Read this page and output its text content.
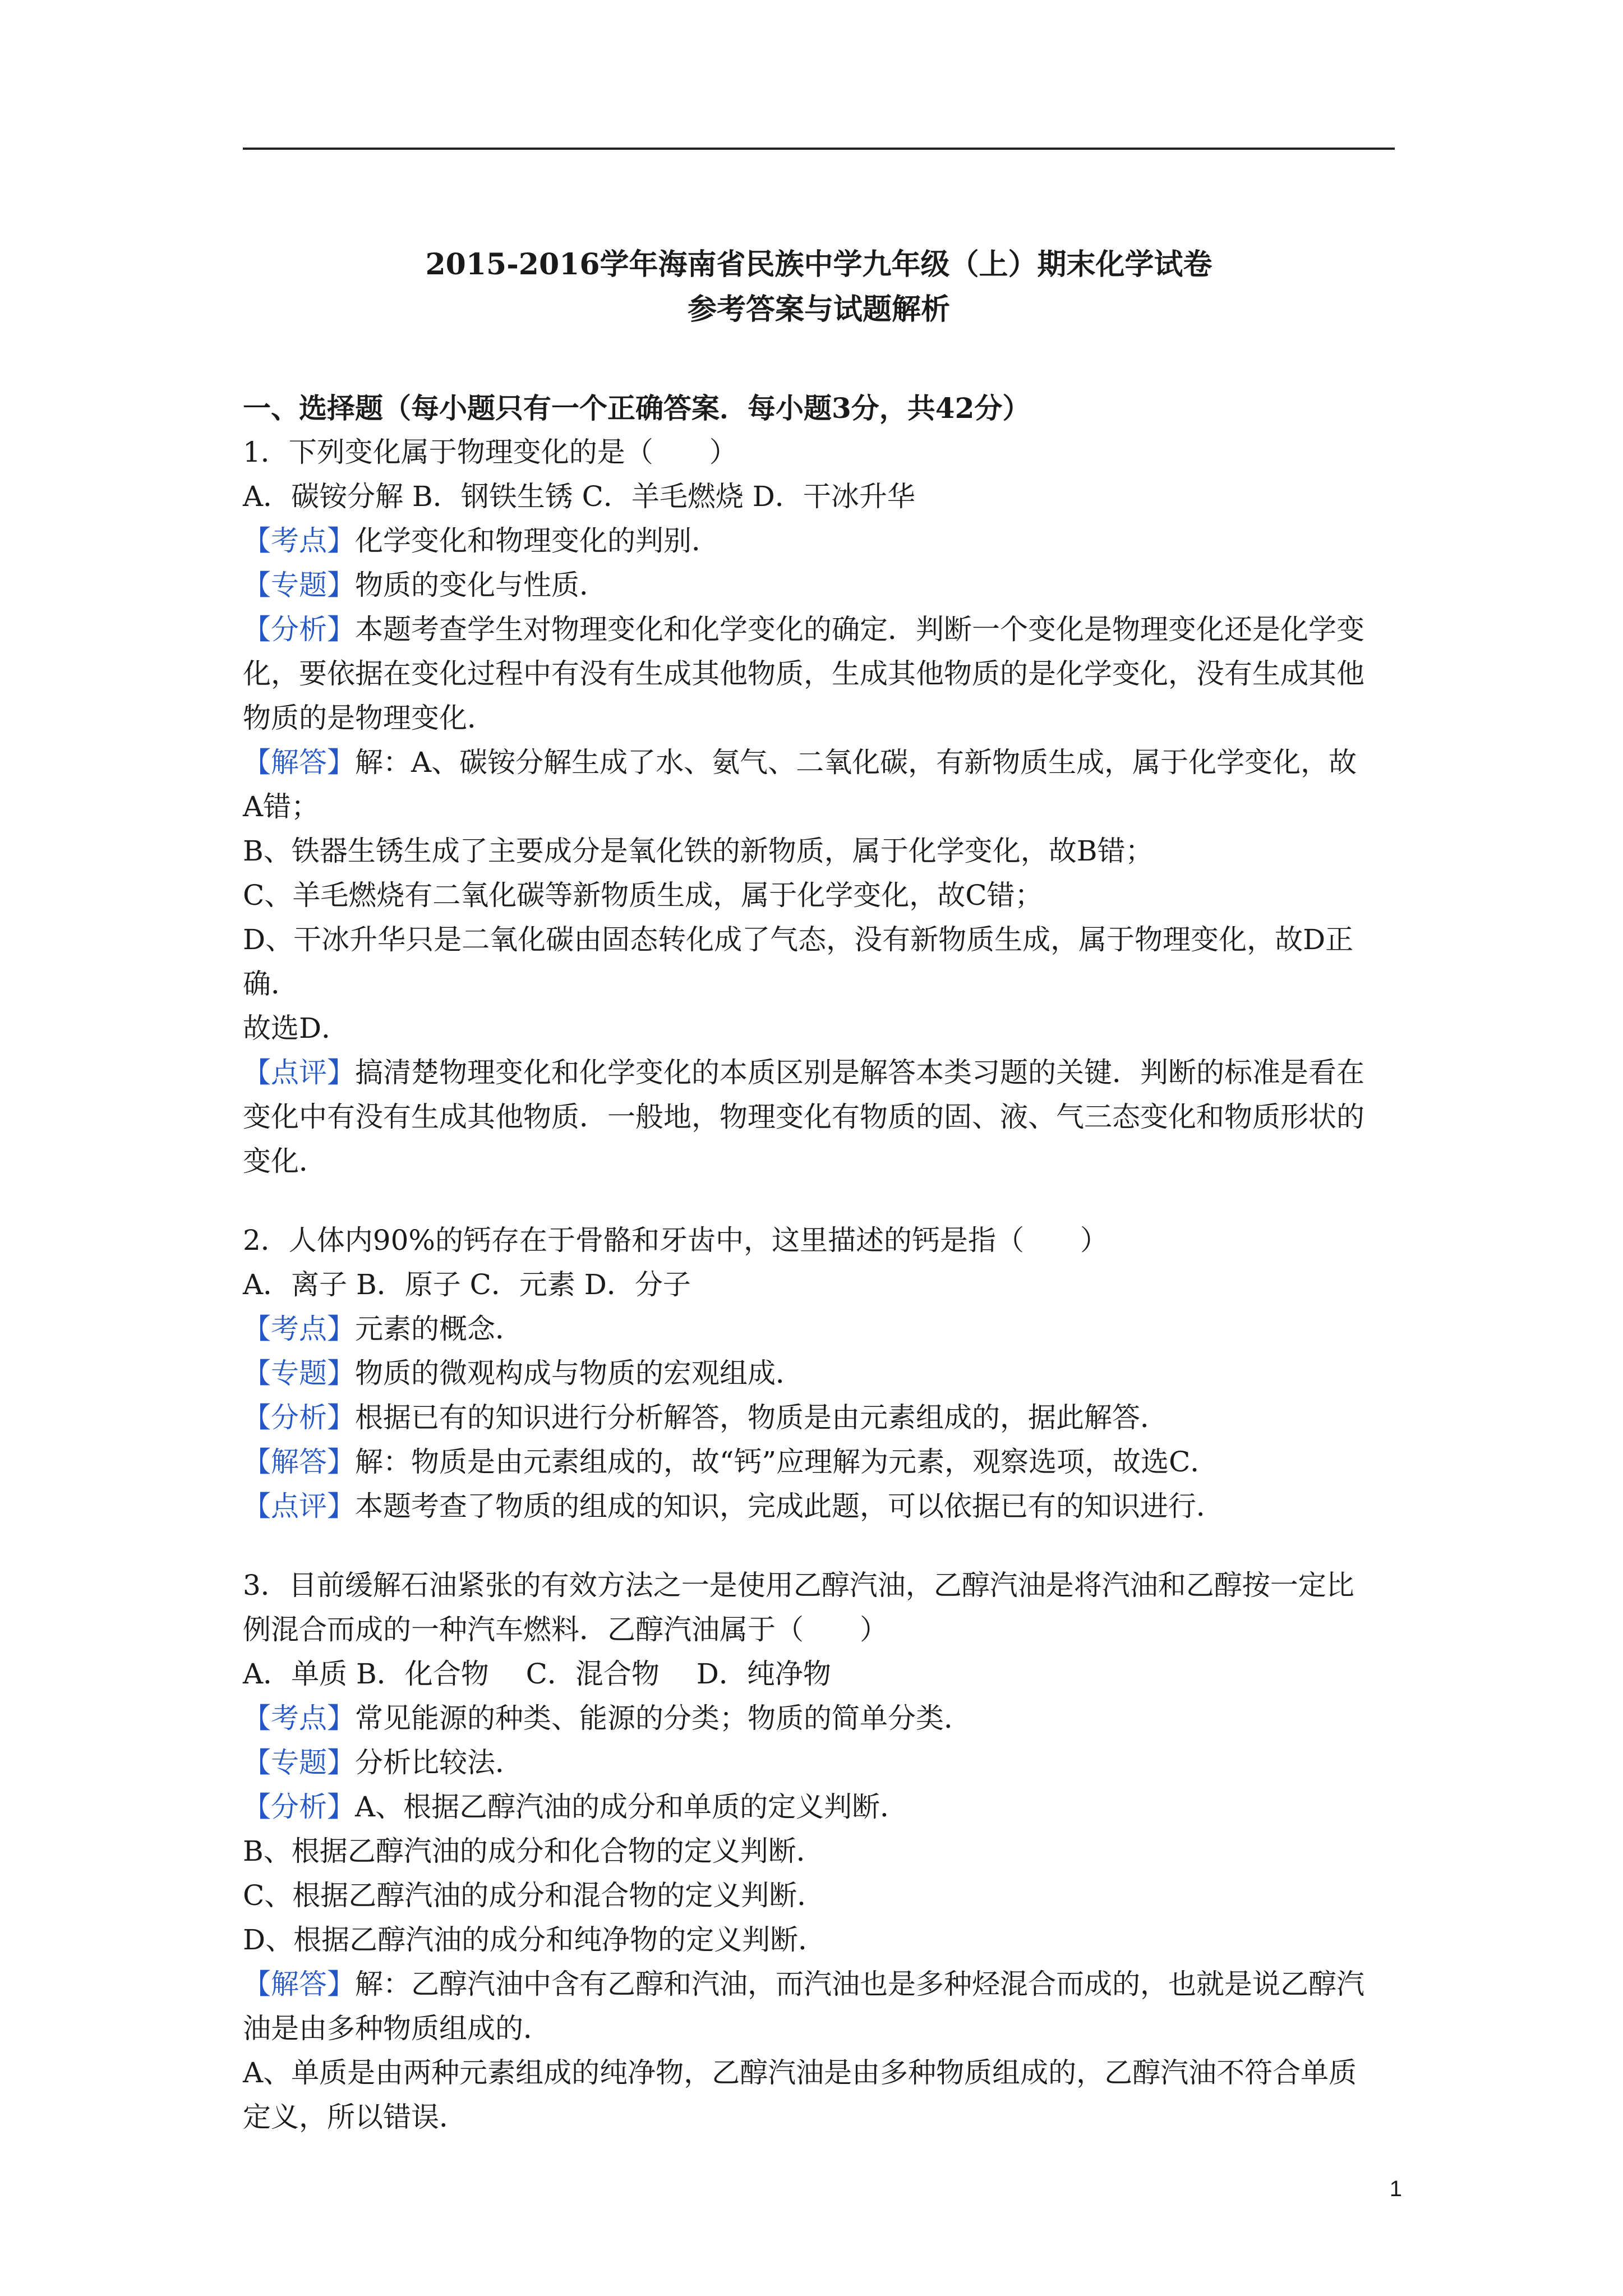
2015-2016学年海南省民族中学九年级（上）期末化学试卷
参考答案与试题解析
一、选择题（每小题只有一个正确答案．每小题3分，共42分）
1．下列变化属于物理变化的是（　　）
A．碳铵分解 B．钢铁生锈 C．羊毛燃烧 D．干冰升华
【考点】化学变化和物理变化的判别．
【专题】物质的变化与性质．
【分析】本题考查学生对物理变化和化学变化的确定．判断一个变化是物理变化还是化学变
化，要依据在变化过程中有没有生成其他物质，生成其他物质的是化学变化，没有生成其他
物质的是物理变化．
【解答】解：A、碳铵分解生成了水、氨气、二氧化碳，有新物质生成，属于化学变化，故
A错；
B、铁器生锈生成了主要成分是氧化铁的新物质，属于化学变化，故B错；
C、羊毛燃烧有二氧化碳等新物质生成，属于化学变化，故C错；
D、干冰升华只是二氧化碳由固态转化成了气态，没有新物质生成，属于物理变化，故D正
确．
故选D．
【点评】搞清楚物理变化和化学变化的本质区别是解答本类习题的关键．判断的标准是看在
变化中有没有生成其他物质．一般地，物理变化有物质的固、液、气三态变化和物质形状的
变化．
2．人体内90%的钙存在于骨骼和牙齿中，这里描述的钙是指（　　）
A．离子 B．原子 C．元素 D．分子
【考点】元素的概念．
【专题】物质的微观构成与物质的宏观组成．
【分析】根据已有的知识进行分析解答，物质是由元素组成的，据此解答．
【解答】解：物质是由元素组成的，故“钙”应理解为元素，观察选项，故选C．
【点评】本题考查了物质的组成的知识，完成此题，可以依据已有的知识进行．
3．目前缓解石油紧张的有效方法之一是使用乙醇汽油，乙醇汽油是将汽油和乙醇按一定比
例混合而成的一种汽车燃料．乙醇汽油属于（　　）
A．单质 B．化合物　 C．混合物　 D．纯净物
【考点】常见能源的种类、能源的分类；物质的简单分类．
【专题】分析比较法．
【分析】A、根据乙醇汽油的成分和单质的定义判断．
B、根据乙醇汽油的成分和化合物的定义判断．
C、根据乙醇汽油的成分和混合物的定义判断．
D、根据乙醇汽油的成分和纯净物的定义判断．
【解答】解：乙醇汽油中含有乙醇和汽油，而汽油也是多种烃混合而成的，也就是说乙醇汽
油是由多种物质组成的．
A、单质是由两种元素组成的纯净物，乙醇汽油是由多种物质组成的，乙醇汽油不符合单质
定义，所以错误．
1
